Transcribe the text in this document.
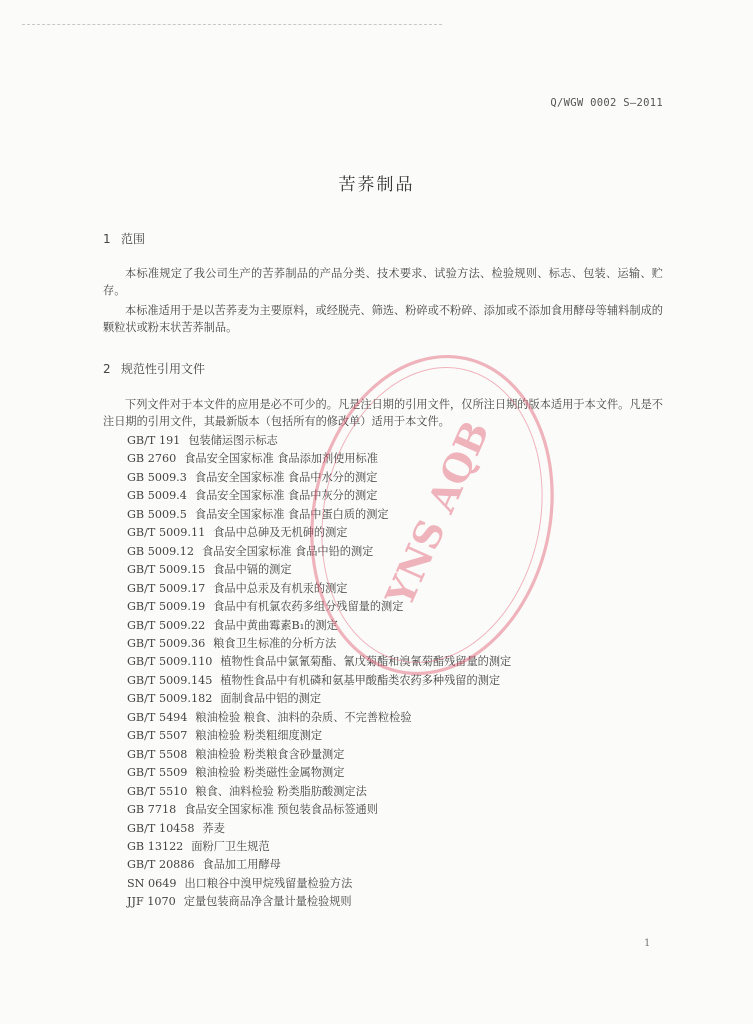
Q/WGW 0002 S—2011
苦荞制品
1 范围
本标准规定了我公司生产的苦荞制品的产品分类、技术要求、试验方法、检验规则、标志、包装、运输、贮存。
本标准适用于是以苦荞麦为主要原料，或经脱壳、筛选、粉碎或不粉碎、添加或不添加食用酵母等辅料制成的颗粒状或粉末状苦荞制品。
2 规范性引用文件
下列文件对于本文件的应用是必不可少的。凡是注日期的引用文件，仅所注日期的版本适用于本文件。凡是不注日期的引用文件，其最新版本（包括所有的修改单）适用于本文件。
GB/T 191 包装储运图示标志
GB 2760 食品安全国家标准 食品添加剂使用标准
GB 5009.3 食品安全国家标准 食品中水分的测定
GB 5009.4 食品安全国家标准 食品中灰分的测定
GB 5009.5 食品安全国家标准 食品中蛋白质的测定
GB/T 5009.11 食品中总砷及无机砷的测定
GB 5009.12 食品安全国家标准 食品中铅的测定
GB/T 5009.15 食品中镉的测定
GB/T 5009.17 食品中总汞及有机汞的测定
GB/T 5009.19 食品中有机氯农药多组分残留量的测定
GB/T 5009.22 食品中黄曲霉素B₁的测定
GB/T 5009.36 粮食卫生标准的分析方法
GB/T 5009.110 植物性食品中氯氰菊酯、氰戊菊酯和溴氰菊酯残留量的测定
GB/T 5009.145 植物性食品中有机磷和氨基甲酸酯类农药多种残留的测定
GB/T 5009.182 面制食品中铝的测定
GB/T 5494 粮油检验 粮食、油料的杂质、不完善粒检验
GB/T 5507 粮油检验 粉类粗细度测定
GB/T 5508 粮油检验 粉类粮食含砂量测定
GB/T 5509 粮油检验 粉类磁性金属物测定
GB/T 5510 粮食、油料检验 粉类脂肪酸测定法
GB 7718 食品安全国家标准 预包装食品标签通则
GB/T 10458 荞麦
GB 13122 面粉厂卫生规范
GB/T 20886 食品加工用酵母
SN 0649 出口粮谷中溴甲烷残留量检验方法
JJF 1070 定量包装商品净含量计量检验规则
YNS AQB
1
